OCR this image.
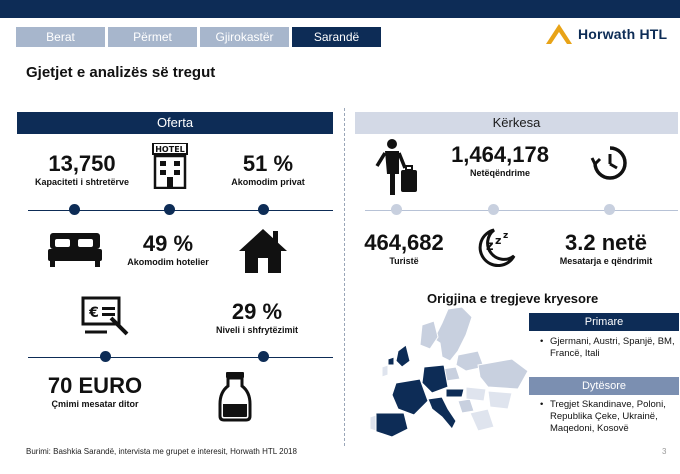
Berat	Përmet	Gjirokastër	Sarandë	Horwath HTL
Gjetjet e analizës së tregut
Oferta	Kërkesa
13,750
Kapaciteti i shtretërve
HOTEL
51 %
Akomodim privat
49 %
Akomodim hotelier
€	29 %
Niveli i shfrytëzimit
70 EURO
Çmimi mesatar ditor
1,464,178
Netëqëndrime
464,682
Turistë
z z z	3.2 netë
Mesatarja e qëndrimit
Origjina e tregjeve kryesore
Primare
• Gjermani, Austri, Spanjë, BM, Francë, Itali
Dytësore
• Tregjet Skandinave, Poloni, Republika Çeke, Ukrainë, Maqedoni, Kosovë
Burimi: Bashkia Sarandë, intervista me grupet e interesit, Horwath HTL 2018	3
